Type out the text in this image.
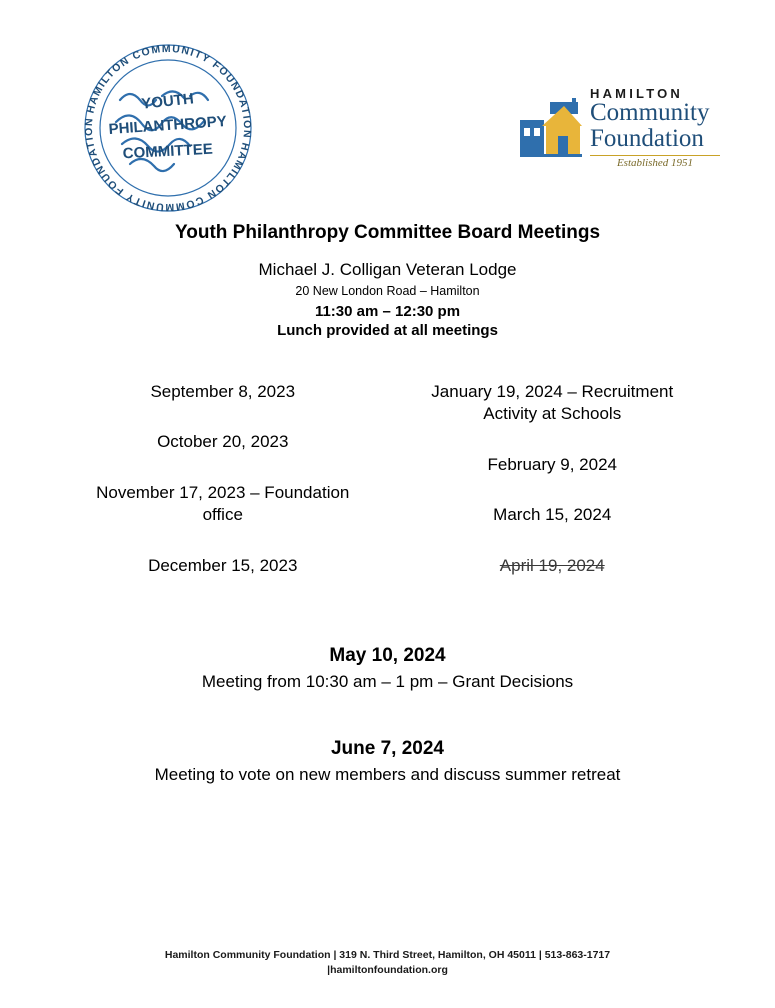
HAMILTON COMMUNITY FOUNDATION
HAMILTON COMMUNITY FOUNDATION
YOUTH
PHILANTHROPY
COMMITTEE
HAMILTON
Community
Foundation
Established 1951
Youth Philanthropy Committee Board Meetings
Michael J. Colligan Veteran Lodge
20 New London Road – Hamilton
11:30 am – 12:30 pm
Lunch provided at all meetings
September 8, 2023
October 20, 2023
November 17, 2023 – Foundation office
December 15, 2023
January 19, 2024 – Recruitment Activity at Schools
February 9, 2024
March 15, 2024
April 19, 2024
May 10, 2024
Meeting from 10:30 am – 1 pm – Grant Decisions
June 7, 2024
Meeting to vote on new members and discuss summer retreat
Hamilton Community Foundation | 319 N. Third Street, Hamilton, OH 45011 | 513-863-1717
|hamiltonfoundation.org
